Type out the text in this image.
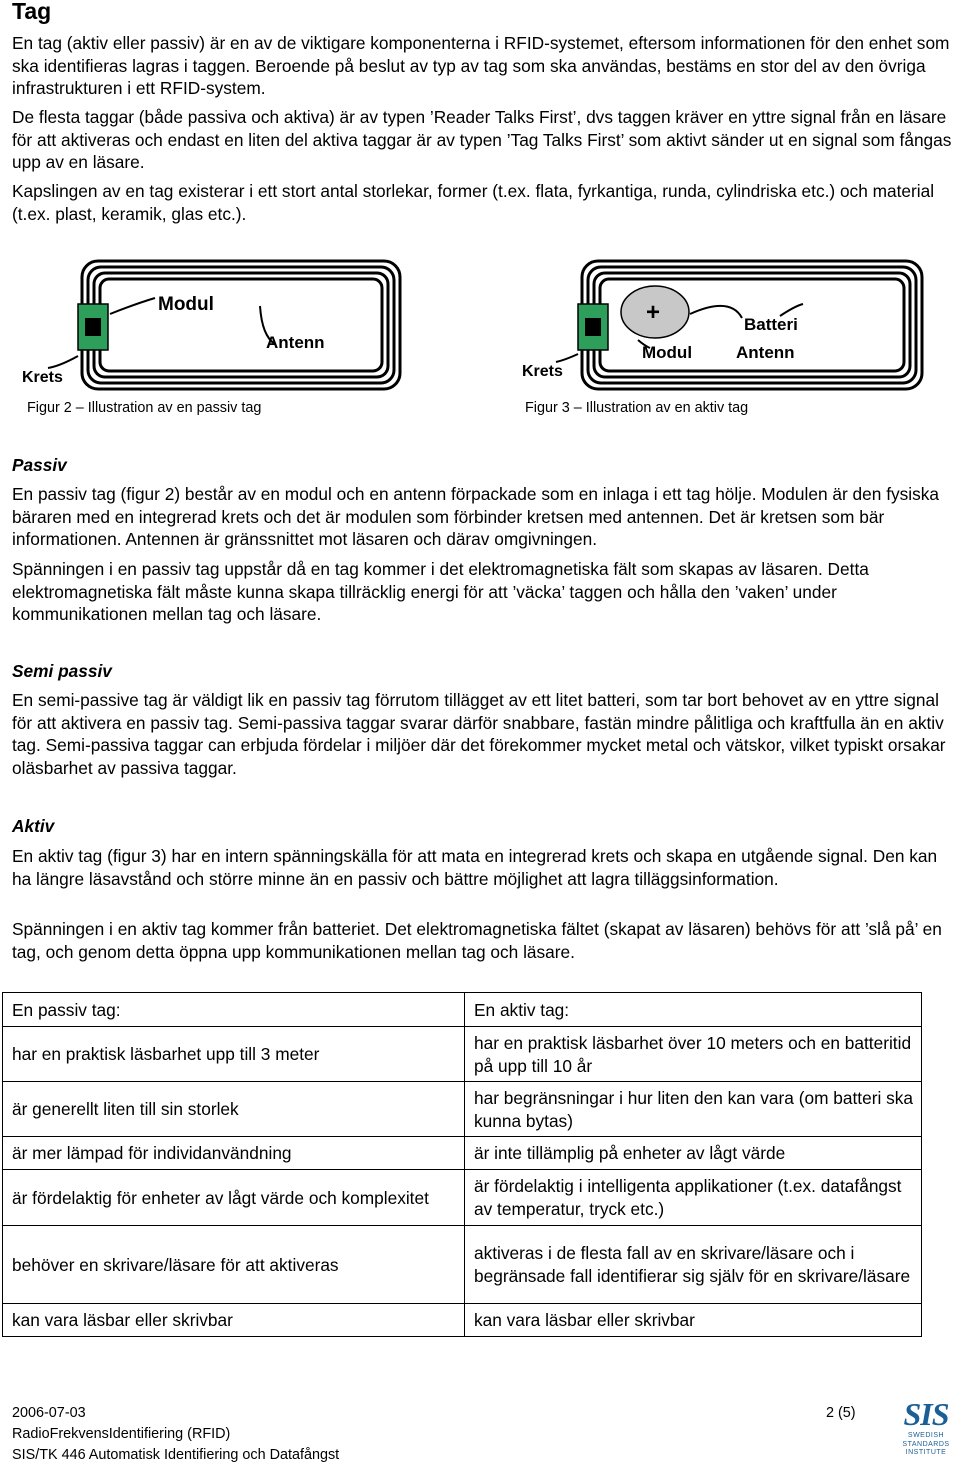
Tag

En tag (aktiv eller passiv) är en av de viktigare komponenterna i RFID-systemet, eftersom informationen för den enhet som ska identifieras lagras i taggen. Beroende på beslut av typ av tag som ska användas, bestäms en stor del av den övriga infrastrukturen i ett RFID-system.

De flesta taggar (både passiva och aktiva) är av typen ’Reader Talks First’, dvs taggen kräver en yttre signal från en läsare för att aktiveras och endast en liten del aktiva taggar är av typen ’Tag Talks First’ som aktivt sänder ut en signal som fångas upp av en läsare.

Kapslingen av en tag existerar i ett stort antal storlekar, former (t.ex. flata, fyrkantiga, runda, cylindriska etc.) och material (t.ex. plast, keramik, glas etc.).

Modul
Antenn
Krets
+	Batteri
Modul	Antenn
Krets
Figur 2 – Illustration av en passiv tag	Figur 3 – Illustration av en aktiv tag
Passiv

En passiv tag (figur 2) består av en modul och en antenn förpackade som en inlaga i ett tag hölje. Modulen är den fysiska bäraren med en integrerad krets och det är modulen som förbinder kretsen med antennen. Det är kretsen som bär informationen. Antennen är gränssnittet mot läsaren och därav omgivningen.

Spänningen i en passiv tag uppstår då en tag kommer i det elektromagnetiska fält som skapas av läsaren. Detta elektromagnetiska fält måste kunna skapa tillräcklig energi för att ’väcka’ taggen och hålla den ’vaken’ under kommunikationen mellan tag och läsare.

Semi passiv

En semi-passive tag är väldigt lik en passiv tag förrutom tillägget av ett litet batteri, som tar bort behovet av en yttre signal för att aktivera en passiv tag. Semi-passiva taggar svarar därför snabbare, fastän mindre pålitliga och kraftfulla än en aktiv tag. Semi-passiva taggar can erbjuda fördelar i miljöer där det förekommer mycket metal och vätskor, vilket typiskt orsakar oläsbarhet av passiva taggar.

Aktiv

En aktiv tag (figur 3) har en intern spänningskälla för att mata en integrerad krets och skapa en utgående signal. Den kan ha längre läsavstånd och större minne än en passiv och bättre möjlighet att lagra tilläggsinformation.

Spänningen i en aktiv tag kommer från batteriet. Det elektromagnetiska fältet (skapat av läsaren) behövs för att ’slå på’ en tag, och genom detta öppna upp kommunikationen mellan tag och läsare.

En passiv tag:	En aktiv tag:
har en praktisk läsbarhet upp till 3 meter	har en praktisk läsbarhet över 10 meters och en batteritid på upp till 10 år
är generellt liten till sin storlek	har begränsningar i hur liten den kan vara (om batteri ska kunna bytas)
är mer lämpad för individanvändning	är inte tillämplig på enheter av lågt värde
är fördelaktig för enheter av lågt värde och komplexitet	är fördelaktig i intelligenta applikationer (t.ex. datafångst av temperatur, tryck etc.)
behöver en skrivare/läsare för att aktiveras	aktiveras i de flesta fall av en skrivare/läsare och i begränsade fall identifierar sig själv för en skrivare/läsare
kan vara läsbar eller skrivbar	kan vara läsbar eller skrivbar
2006-07-03	2 (5)
RadioFrekvensIdentifiering (RFID)
SIS/TK 446 Automatisk Identifiering och Datafångst
SIS
SWEDISH
STANDARDS
INSTITUTE
